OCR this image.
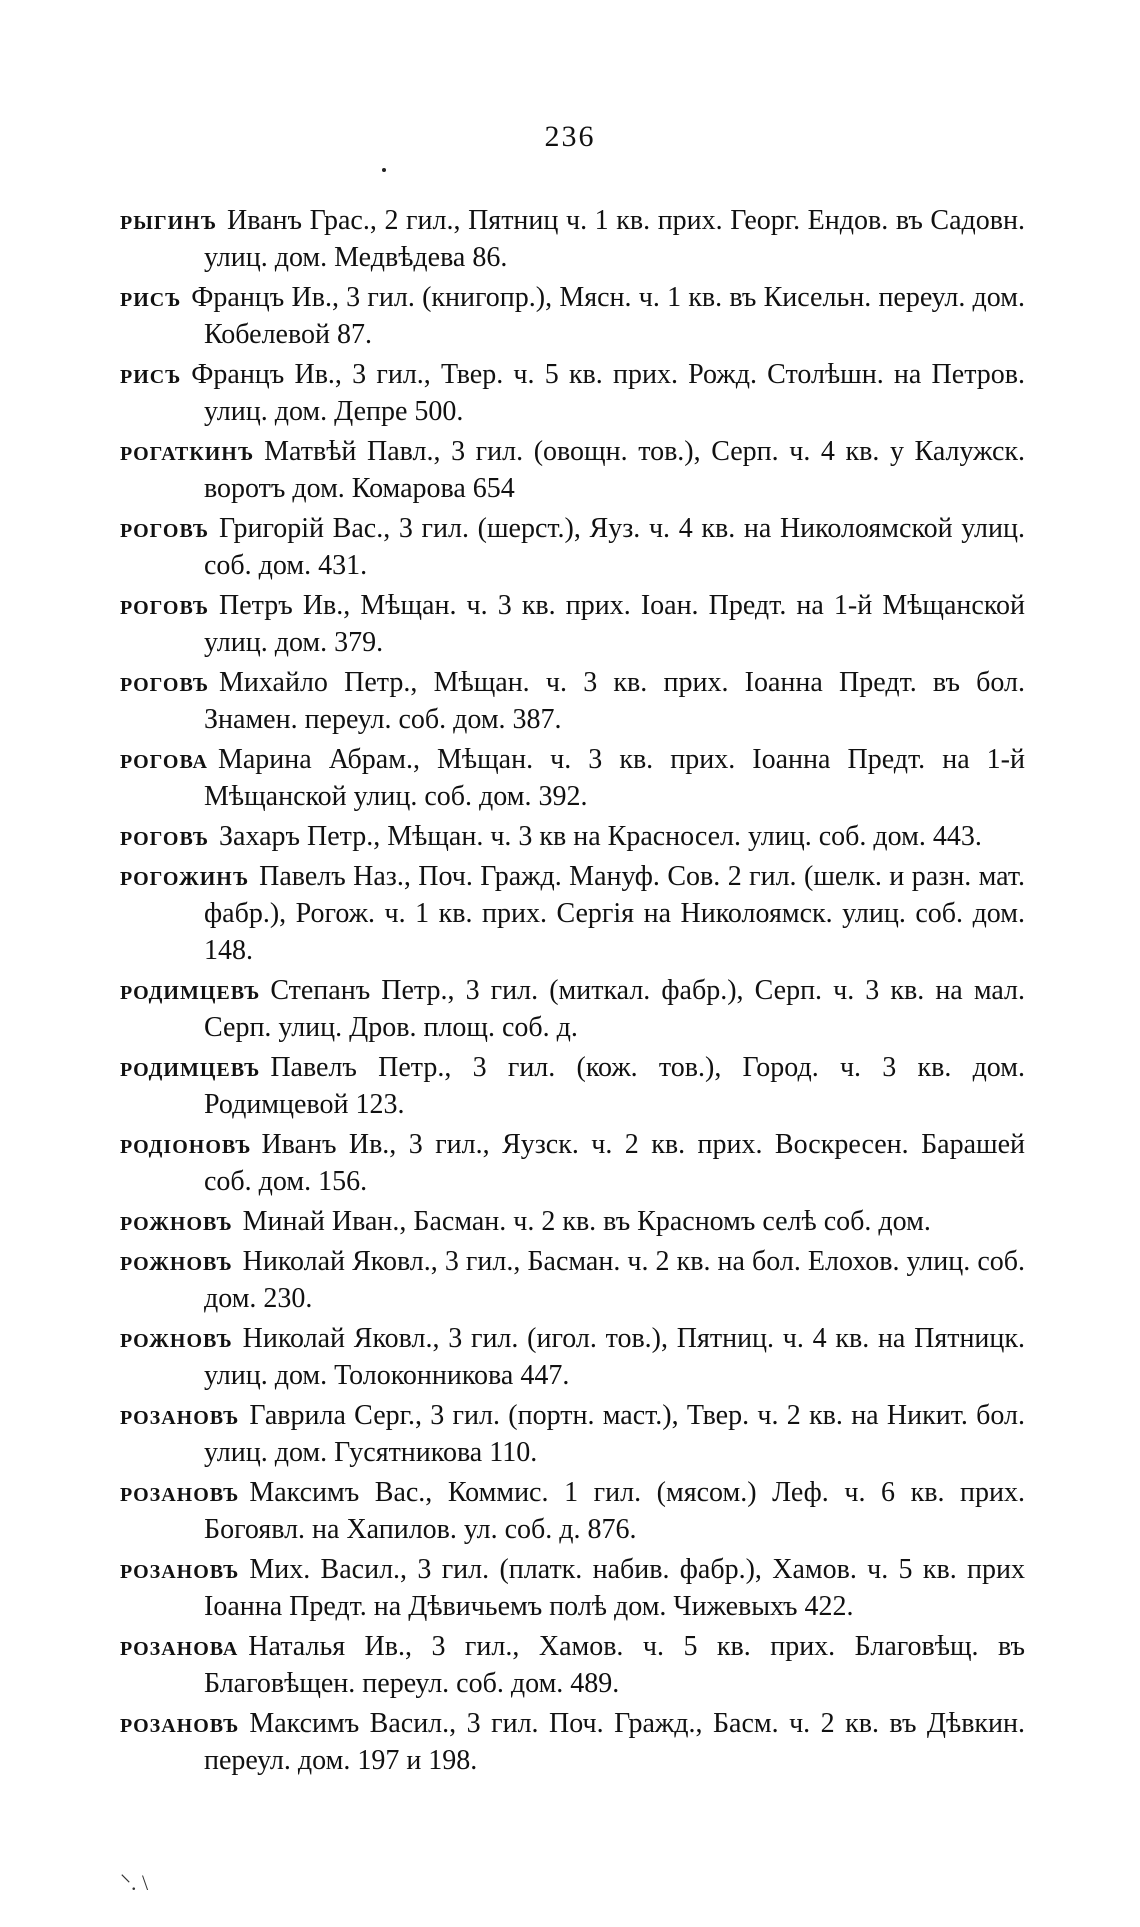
236

рыгинъ Иванъ Грас., 2 гил., Пятниц ч. 1 кв. прих. Георг. Ендов. въ Садовн. улиц. дом. Медвѣдева 86.

рисъ Францъ Ив., 3 гил. (книгопр.), Мясн. ч. 1 кв. въ Кисельн. переул. дом. Кобелевой 87.

рисъ Францъ Ив., 3 гил., Твер. ч. 5 кв. прих. Рожд. Столѣшн. на Петров. улиц. дом. Депре 500.

рогаткинъ Матвѣй Павл., 3 гил. (овощн. тов.), Серп. ч. 4 кв. у Калужск. воротъ дом. Комарова 654

роговъ Григорій Вас., 3 гил. (шерст.), Яуз. ч. 4 кв. на Николоямской улиц. соб. дом. 431.

роговъ Петръ Ив., Мѣщан. ч. 3 кв. прих. Іоан. Предт. на 1-й Мѣщанской улиц. дом. 379.

роговъ Михайло Петр., Мѣщан. ч. 3 кв. прих. Іоанна Предт. въ бол. Знамен. переул. соб. дом. 387.

рогова Марина Абрам., Мѣщан. ч. 3 кв. прих. Іоанна Предт. на 1-й Мѣщанской улиц. соб. дом. 392.

роговъ Захаръ Петр., Мѣщан. ч. 3 кв на Красносел. улиц. соб. дом. 443.

рогожинъ Павелъ Наз., Поч. Гражд. Мануф. Сов. 2 гил. (шелк. и разн. мат. фабр.), Рогож. ч. 1 кв. прих. Сергія на Николоямск. улиц. соб. дом. 148.

родимцевъ Степанъ Петр., 3 гил. (миткал. фабр.), Серп. ч. 3 кв. на мал. Серп. улиц. Дров. площ. соб. д.

родимцевъ Павелъ Петр., 3 гил. (кож. тов.), Город. ч. 3 кв. дом. Родимцевой 123.

родіоновъ Иванъ Ив., 3 гил., Яузск. ч. 2 кв. прих. Воскресен. Барашей соб. дом. 156.

рожновъ Минай Иван., Басман. ч. 2 кв. въ Красномъ селѣ соб. дом.

рожновъ Николай Яковл., 3 гил., Басман. ч. 2 кв. на бол. Елохов. улиц. соб. дом. 230.

рожновъ Николай Яковл., 3 гил. (игол. тов.), Пятниц. ч. 4 кв. на Пятницк. улиц. дом. Толоконникова 447.

розановъ Гаврила Серг., 3 гил. (портн. маст.), Твер. ч. 2 кв. на Никит. бол. улиц. дом. Гусятникова 110.

розановъ Максимъ Вас., Коммис. 1 гил. (мясом.) Леф. ч. 6 кв. прих. Богоявл. на Хапилов. ул. соб. д. 876.

розановъ Мих. Васил., 3 гил. (платк. набив. фабр.), Хамов. ч. 5 кв. прих Іоанна Предт. на Дѣвичьемъ полѣ дом. Чижевыхъ 422.

розанова Наталья Ив., 3 гил., Хамов. ч. 5 кв. прих. Благовѣщ. въ Благовѣщен. переул. соб. дом. 489.

розановъ Максимъ Васил., 3 гил. Поч. Гражд., Басм. ч. 2 кв. въ Дѣвкин. переул. дом. 197 и 198.

⸌. \
